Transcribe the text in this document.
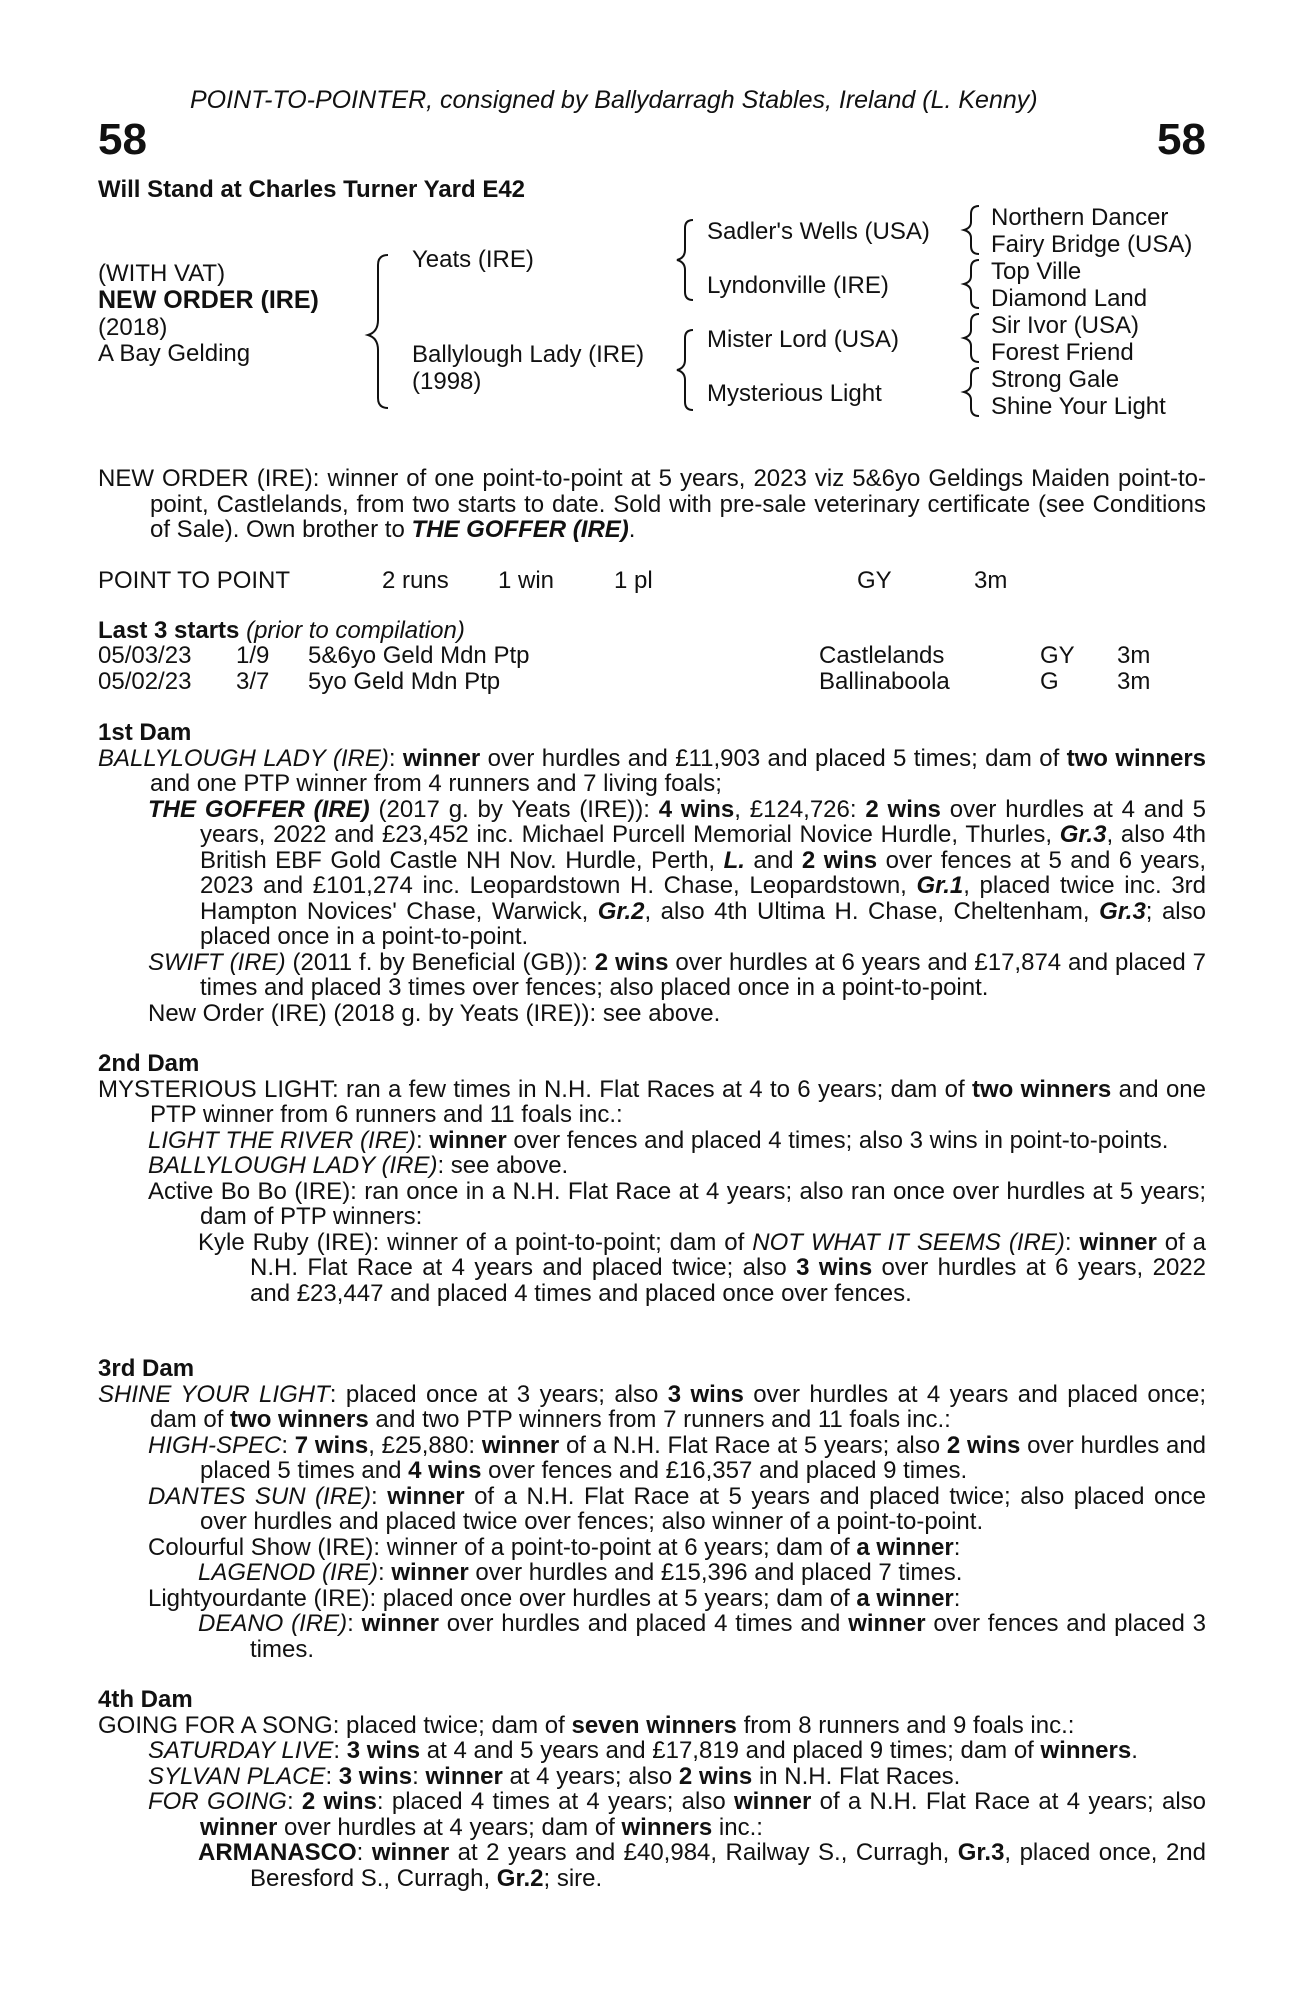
POINT-TO-POINTER, consigned by Ballydarragh Stables, Ireland (L. Kenny)
58	58
Will Stand at Charles Turner Yard E42
(WITH VAT)
NEW ORDER (IRE)
(2018)
A Bay Gelding
Yeats (IRE)
Ballylough Lady (IRE)
(1998)
Sadler's Wells (USA)
Lyndonville (IRE)
Mister Lord (USA)
Mysterious Light
Northern Dancer
Fairy Bridge (USA)
Top Ville
Diamond Land
Sir Ivor (USA)
Forest Friend
Strong Gale
Shine Your Light
NEW ORDER (IRE): winner of one point-to-point at 5 years, 2023 viz 5&6yo Geldings Maiden point-to-point, Castlelands, from two starts to date. Sold with pre-sale veterinary certificate (see Conditions of Sale). Own brother to THE GOFFER (IRE).
POINT TO POINT	2 runs 1 win 1 pl	GY	3m
Last 3 starts (prior to compilation)
05/03/23 1/9 5&6yo Geld Mdn Ptp	Castlelands	GY 3m
05/02/23 3/7 5yo Geld Mdn Ptp	Ballinaboola	G 3m
1st Dam
BALLYLOUGH LADY (IRE): winner over hurdles and £11,903 and placed 5 times; dam of two winners and one PTP winner from 4 runners and 7 living foals;
THE GOFFER (IRE) (2017 g. by Yeats (IRE)): 4 wins, £124,726: 2 wins over hurdles at 4 and 5 years, 2022 and £23,452 inc. Michael Purcell Memorial Novice Hurdle, Thurles, Gr.3, also 4th British EBF Gold Castle NH Nov. Hurdle, Perth, L. and 2 wins over fences at 5 and 6 years, 2023 and £101,274 inc. Leopardstown H. Chase, Leopardstown, Gr.1, placed twice inc. 3rd Hampton Novices' Chase, Warwick, Gr.2, also 4th Ultima H. Chase, Cheltenham, Gr.3; also placed once in a point-to-point.
SWIFT (IRE) (2011 f. by Beneficial (GB)): 2 wins over hurdles at 6 years and £17,874 and placed 7 times and placed 3 times over fences; also placed once in a point-to-point.
New Order (IRE) (2018 g. by Yeats (IRE)): see above.
2nd Dam
MYSTERIOUS LIGHT: ran a few times in N.H. Flat Races at 4 to 6 years; dam of two winners and one PTP winner from 6 runners and 11 foals inc.:
LIGHT THE RIVER (IRE): winner over fences and placed 4 times; also 3 wins in point-to-points.
BALLYLOUGH LADY (IRE): see above.
Active Bo Bo (IRE): ran once in a N.H. Flat Race at 4 years; also ran once over hurdles at 5 years; dam of PTP winners:
Kyle Ruby (IRE): winner of a point-to-point; dam of NOT WHAT IT SEEMS (IRE): winner of a N.H. Flat Race at 4 years and placed twice; also 3 wins over hurdles at 6 years, 2022 and £23,447 and placed 4 times and placed once over fences.
3rd Dam
SHINE YOUR LIGHT: placed once at 3 years; also 3 wins over hurdles at 4 years and placed once; dam of two winners and two PTP winners from 7 runners and 11 foals inc.:
HIGH-SPEC: 7 wins, £25,880: winner of a N.H. Flat Race at 5 years; also 2 wins over hurdles and placed 5 times and 4 wins over fences and £16,357 and placed 9 times.
DANTES SUN (IRE): winner of a N.H. Flat Race at 5 years and placed twice; also placed once over hurdles and placed twice over fences; also winner of a point-to-point.
Colourful Show (IRE): winner of a point-to-point at 6 years; dam of a winner:
LAGENOD (IRE): winner over hurdles and £15,396 and placed 7 times.
Lightyourdante (IRE): placed once over hurdles at 5 years; dam of a winner:
DEANO (IRE): winner over hurdles and placed 4 times and winner over fences and placed 3 times.
4th Dam
GOING FOR A SONG: placed twice; dam of seven winners from 8 runners and 9 foals inc.:
SATURDAY LIVE: 3 wins at 4 and 5 years and £17,819 and placed 9 times; dam of winners.
SYLVAN PLACE: 3 wins: winner at 4 years; also 2 wins in N.H. Flat Races.
FOR GOING: 2 wins: placed 4 times at 4 years; also winner of a N.H. Flat Race at 4 years; also winner over hurdles at 4 years; dam of winners inc.:
ARMANASCO: winner at 2 years and £40,984, Railway S., Curragh, Gr.3, placed once, 2nd Beresford S., Curragh, Gr.2; sire.
